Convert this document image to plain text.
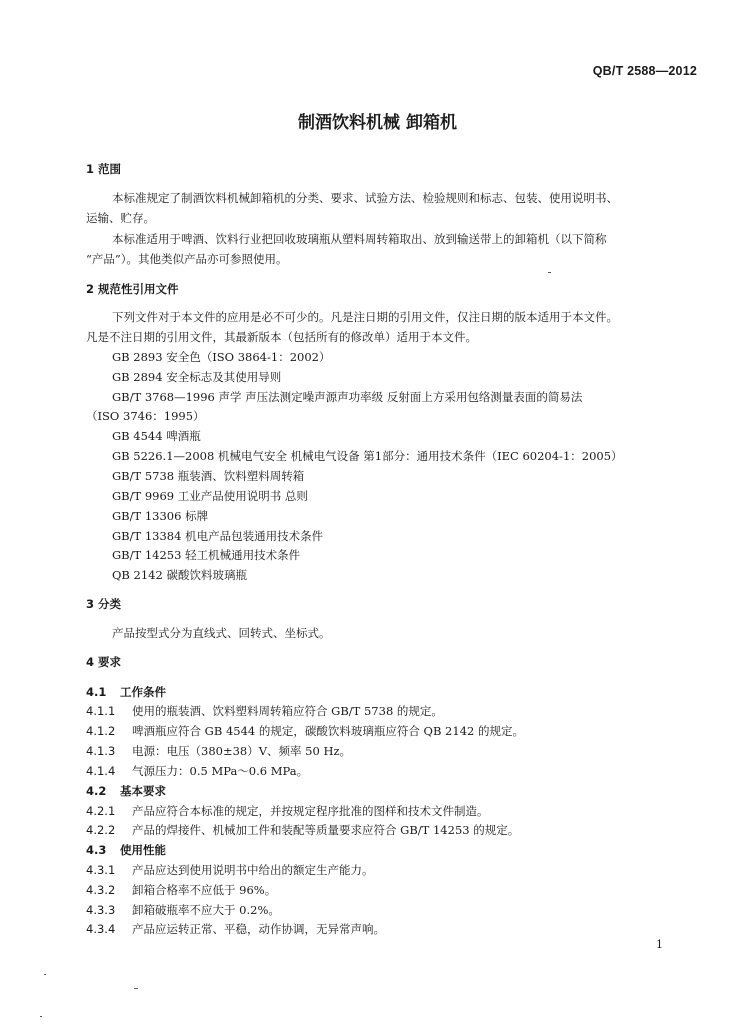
QB/T 2588—2012
制酒饮料机械 卸箱机
1 范围
本标准规定了制酒饮料机械卸箱机的分类、要求、试验方法、检验规则和标志、包装、使用说明书、
运输、贮存。
本标准适用于啤酒、饮料行业把回收玻璃瓶从塑料周转箱取出、放到输送带上的卸箱机（以下简称
“产品”）。其他类似产品亦可参照使用。
2 规范性引用文件
下列文件对于本文件的应用是必不可少的。凡是注日期的引用文件，仅注日期的版本适用于本文件。
凡是不注日期的引用文件，其最新版本（包括所有的修改单）适用于本文件。
GB 2893 安全色（ISO 3864-1：2002）
GB 2894 安全标志及其使用导则
GB/T 3768—1996 声学 声压法测定噪声源声功率级 反射面上方采用包络测量表面的简易法
（ISO 3746：1995）
GB 4544 啤酒瓶
GB 5226.1—2008 机械电气安全 机械电气设备 第1部分：通用技术条件（IEC 60204-1：2005）
GB/T 5738 瓶装酒、饮料塑料周转箱
GB/T 9969 工业产品使用说明书 总则
GB/T 13306 标牌
GB/T 13384 机电产品包装通用技术条件
GB/T 14253 轻工机械通用技术条件
QB 2142 碳酸饮料玻璃瓶
3 分类
产品按型式分为直线式、回转式、坐标式。
4 要求
4.1 工作条件
4.1.1 使用的瓶装酒、饮料塑料周转箱应符合 GB/T 5738 的规定。
4.1.2 啤酒瓶应符合 GB 4544 的规定，碳酸饮料玻璃瓶应符合 QB 2142 的规定。
4.1.3 电源：电压（380±38）V、频率 50 Hz。
4.1.4 气源压力：0.5 MPa～0.6 MPa。
4.2 基本要求
4.2.1 产品应符合本标准的规定，并按规定程序批准的图样和技术文件制造。
4.2.2 产品的焊接件、机械加工件和装配等质量要求应符合 GB/T 14253 的规定。
4.3 使用性能
4.3.1 产品应达到使用说明书中给出的额定生产能力。
4.3.2 卸箱合格率不应低于 96%。
4.3.3 卸箱破瓶率不应大于 0.2%。
4.3.4 产品应运转正常、平稳，动作协调，无异常声响。
1
